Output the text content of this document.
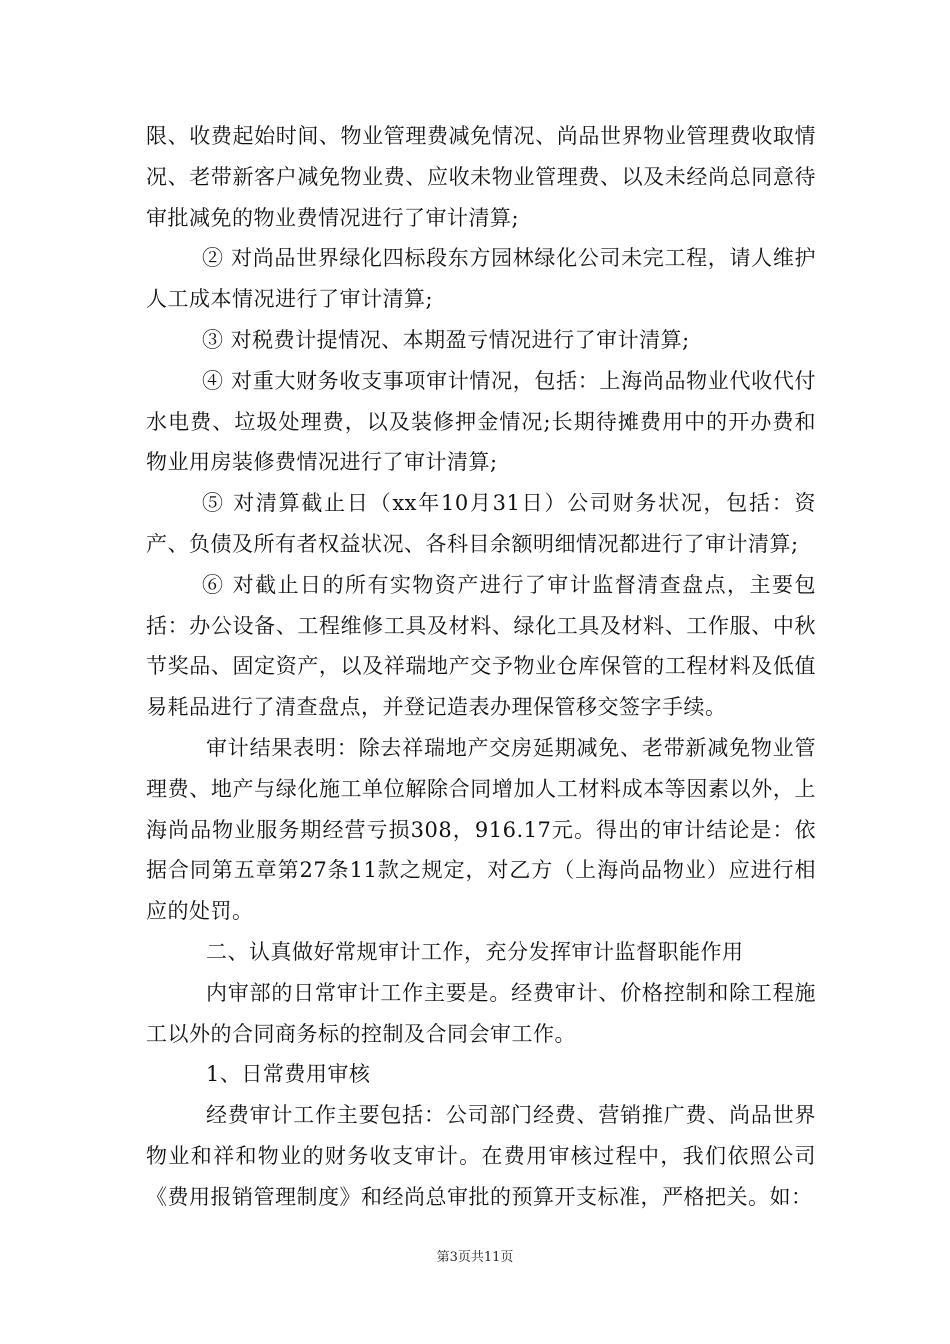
限、收费起始时间、物业管理费减免情况、尚品世界物业管理费收取情况、老带新客户减免物业费、应收未物业管理费、以及未经尚总同意待审批减免的物业费情况进行了审计清算;

② 对尚品世界绿化四标段东方园林绿化公司未完工程，请人维护人工成本情况进行了审计清算;

③ 对税费计提情况、本期盈亏情况进行了审计清算;

④ 对重大财务收支事项审计情况，包括：上海尚品物业代收代付水电费、垃圾处理费，以及装修押金情况;长期待摊费用中的开办费和物业用房装修费情况进行了审计清算;

⑤ 对清算截止日（xx年10月31日）公司财务状况，包括：资产、负债及所有者权益状况、各科目余额明细情况都进行了审计清算;

⑥ 对截止日的所有实物资产进行了审计监督清查盘点，主要包括：办公设备、工程维修工具及材料、绿化工具及材料、工作服、中秋节奖品、固定资产，以及祥瑞地产交予物业仓库保管的工程材料及低值易耗品进行了清查盘点，并登记造表办理保管移交签字手续。

审计结果表明：除去祥瑞地产交房延期减免、老带新减免物业管理费、地产与绿化施工单位解除合同增加人工材料成本等因素以外，上海尚品物业服务期经营亏损308，916.17元。得出的审计结论是：依据合同第五章第27条11款之规定，对乙方（上海尚品物业）应进行相应的处罚。

二、认真做好常规审计工作，充分发挥审计监督职能作用

内审部的日常审计工作主要是。经费审计、价格控制和除工程施工以外的合同商务标的控制及合同会审工作。

1、日常费用审核

经费审计工作主要包括：公司部门经费、营销推广费、尚品世界物业和祥和物业的财务收支审计。在费用审核过程中，我们依照公司《费用报销管理制度》和经尚总审批的预算开支标准，严格把关。如：

第3页共11页
